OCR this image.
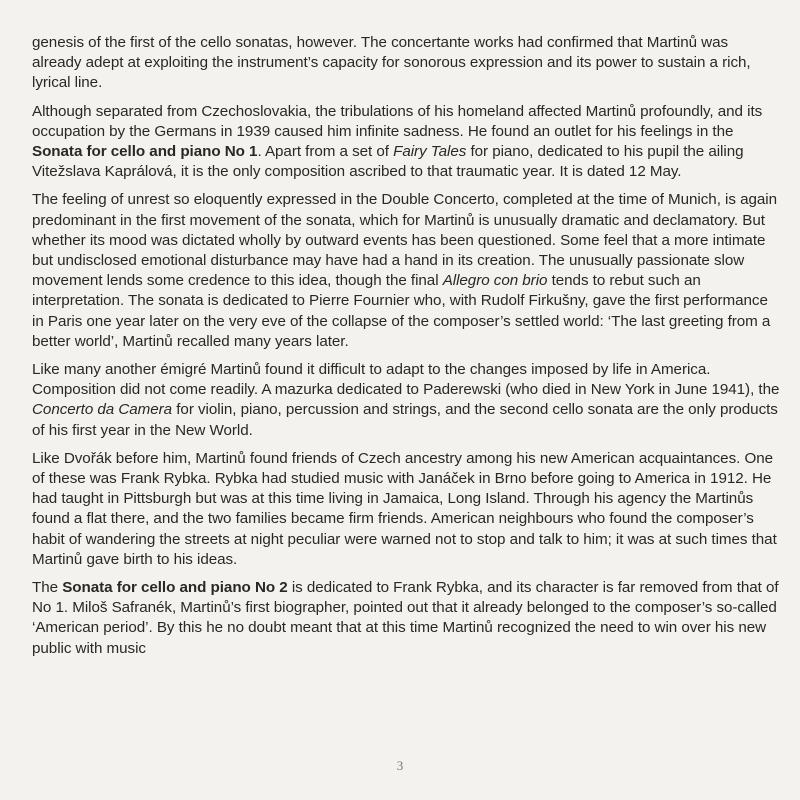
genesis of the first of the cello sonatas, however. The concertante works had confirmed that Martinů was already adept at exploiting the instrument’s capacity for sonorous expression and its power to sustain a rich, lyrical line.

Although separated from Czechoslovakia, the tribulations of his homeland affected Martinů profoundly, and its occupation by the Germans in 1939 caused him infinite sadness. He found an outlet for his feelings in the Sonata for cello and piano No 1. Apart from a set of Fairy Tales for piano, dedicated to his pupil the ailing Vitežslava Kaprálová, it is the only composition ascribed to that traumatic year. It is dated 12 May.

The feeling of unrest so eloquently expressed in the Double Concerto, completed at the time of Munich, is again predominant in the first movement of the sonata, which for Martinů is unusually dramatic and declamatory. But whether its mood was dictated wholly by outward events has been questioned. Some feel that a more intimate but undisclosed emotional disturbance may have had a hand in its creation. The unusually passionate slow movement lends some credence to this idea, though the final Allegro con brio tends to rebut such an interpretation. The sonata is dedicated to Pierre Fournier who, with Rudolf Firkušny, gave the first performance in Paris one year later on the very eve of the collapse of the composer’s settled world: ‘The last greeting from a better world’, Martinů recalled many years later.

Like many another émigré Martinů found it difficult to adapt to the changes imposed by life in America. Composition did not come readily. A mazurka dedicated to Paderewski (who died in New York in June 1941), the Concerto da Camera for violin, piano, percussion and strings, and the second cello sonata are the only products of his first year in the New World.

Like Dvořák before him, Martinů found friends of Czech ancestry among his new American acquaintances. One of these was Frank Rybka. Rybka had studied music with Janáček in Brno before going to America in 1912. He had taught in Pittsburgh but was at this time living in Jamaica, Long Island. Through his agency the Martinůs found a flat there, and the two families became firm friends. American neighbours who found the composer’s habit of wandering the streets at night peculiar were warned not to stop and talk to him; it was at such times that Martinů gave birth to his ideas.

The Sonata for cello and piano No 2 is dedicated to Frank Rybka, and its character is far removed from that of No 1. Miloš Safranék, Martinů’s first biographer, pointed out that it already belonged to the composer’s so-called ‘American period’. By this he no doubt meant that at this time Martinů recognized the need to win over his new public with music

3
